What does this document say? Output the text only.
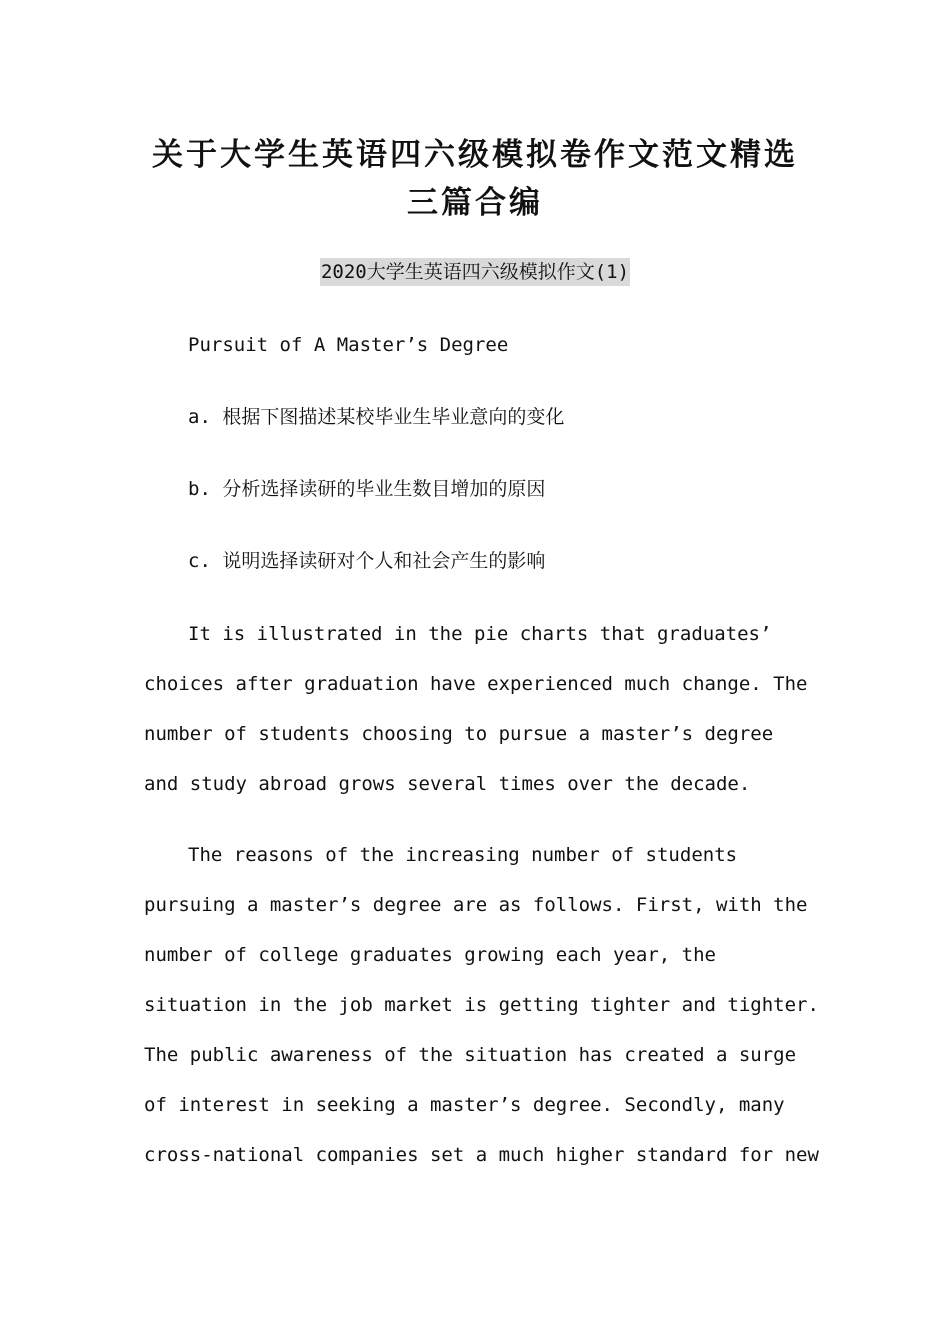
关于大学生英语四六级模拟卷作文范文精选
三篇合编
2020大学生英语四六级模拟作文(1)

Pursuit of A Master’s Degree

a. 根据下图描述某校毕业生毕业意向的变化

b. 分析选择读研的毕业生数目增加的原因

c. 说明选择读研对个人和社会产生的影响

It is illustrated in the pie charts that graduates’

choices after graduation have experienced much change. The

number of students choosing to pursue a master’s degree

and study abroad grows several times over the decade.

The reasons of the increasing number of students

pursuing a master’s degree are as follows. First, with the

number of college graduates growing each year, the

situation in the job market is getting tighter and tighter.

The public awareness of the situation has created a surge

of interest in seeking a master’s degree. Secondly, many

cross-national companies set a much higher standard for new
